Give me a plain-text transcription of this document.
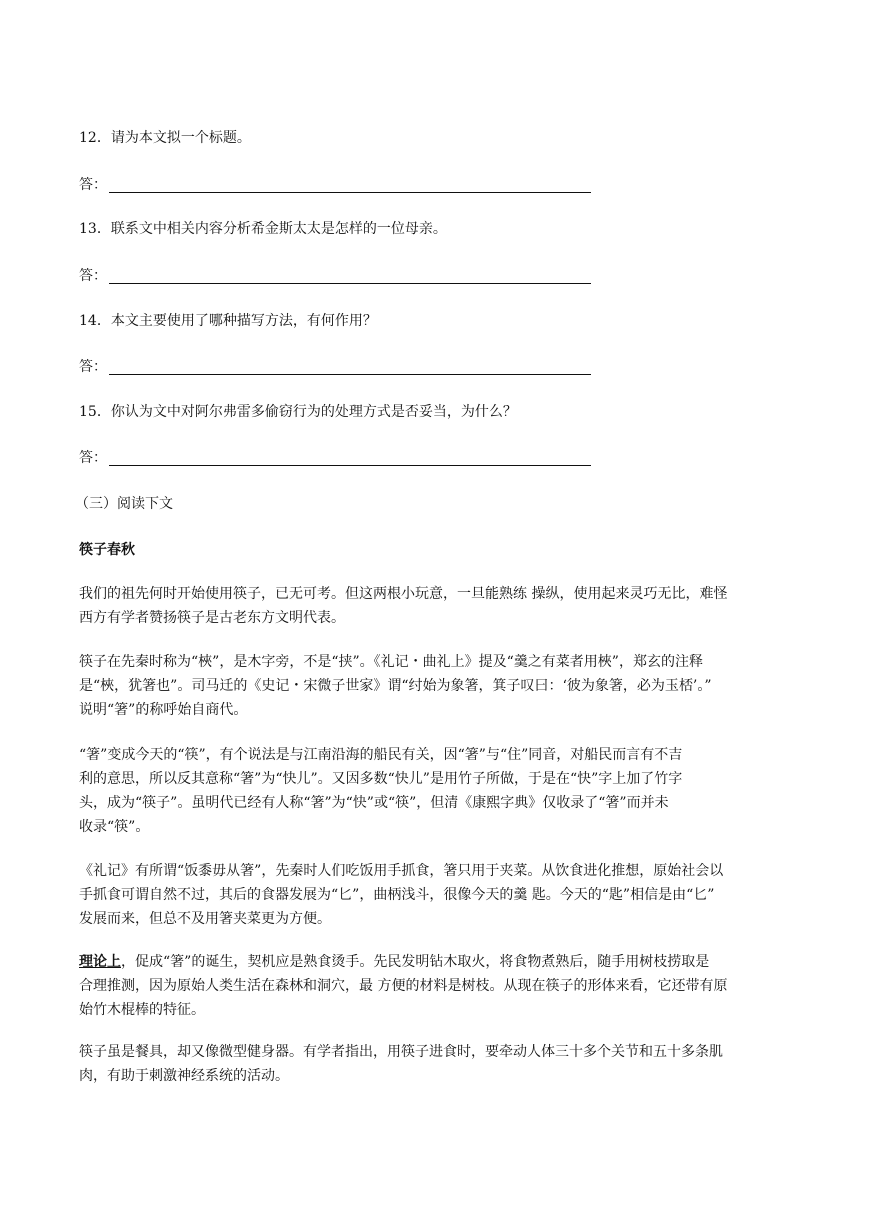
12．请为本文拟一个标题。
答：
13．联系文中相关内容分析希金斯太太是怎样的一位母亲。
答：
14．本文主要使用了哪种描写方法，有何作用？
答：
15．你认为文中对阿尔弗雷多偷窃行为的处理方式是否妥当，为什么？
答：
（三）阅读下文
筷子春秋
我们的祖先何时开始使用筷子，已无可考。但这两根小玩意，一旦能熟练 操纵，使用起来灵巧无比，难怪
西方有学者赞扬筷子是古老东方文明代表。
筷子在先秦时称为“梜”，是木字旁，不是“挟”。《礼记・曲礼上》提及“羹之有菜者用梜”，郑玄的注释
是“梜，犹箸也”。司马迁的《史记・宋微子世家》谓“纣始为象箸，箕子叹曰：‘彼为象箸，必为玉桮’。”
说明“箸”的称呼始自商代。
“箸”变成今天的“筷”，有个说法是与江南沿海的船民有关，因“箸”与“住”同音，对船民而言有不吉
利的意思，所以反其意称“箸”为“快儿”。又因多数“快儿”是用竹子所做，于是在“快”字上加了竹字
头，成为“筷子”。虽明代已经有人称“箸”为“快”或“筷”，但清《康熙字典》仅收录了“箸”而并未
收录“筷”。
《礼记》有所谓“饭黍毋从箸”，先秦时人们吃饭用手抓食，箸只用于夹菜。从饮食进化推想，原始社会以
手抓食可谓自然不过，其后的食器发展为“匕”，曲柄浅斗，很像今天的羹 匙。今天的“匙”相信是由“匕”
发展而来，但总不及用箸夹菜更为方便。
理论上，促成“箸”的诞生，契机应是熟食烫手。先民发明钻木取火，将食物煮熟后，随手用树枝捞取是
合理推测，因为原始人类生活在森林和洞穴，最 方便的材料是树枝。从现在筷子的形体来看，它还带有原
始竹木棍棒的特征。
筷子虽是餐具，却又像微型健身器。有学者指出，用筷子进食时，要牵动人体三十多个关节和五十多条肌
肉，有助于刺激神经系统的活动。
